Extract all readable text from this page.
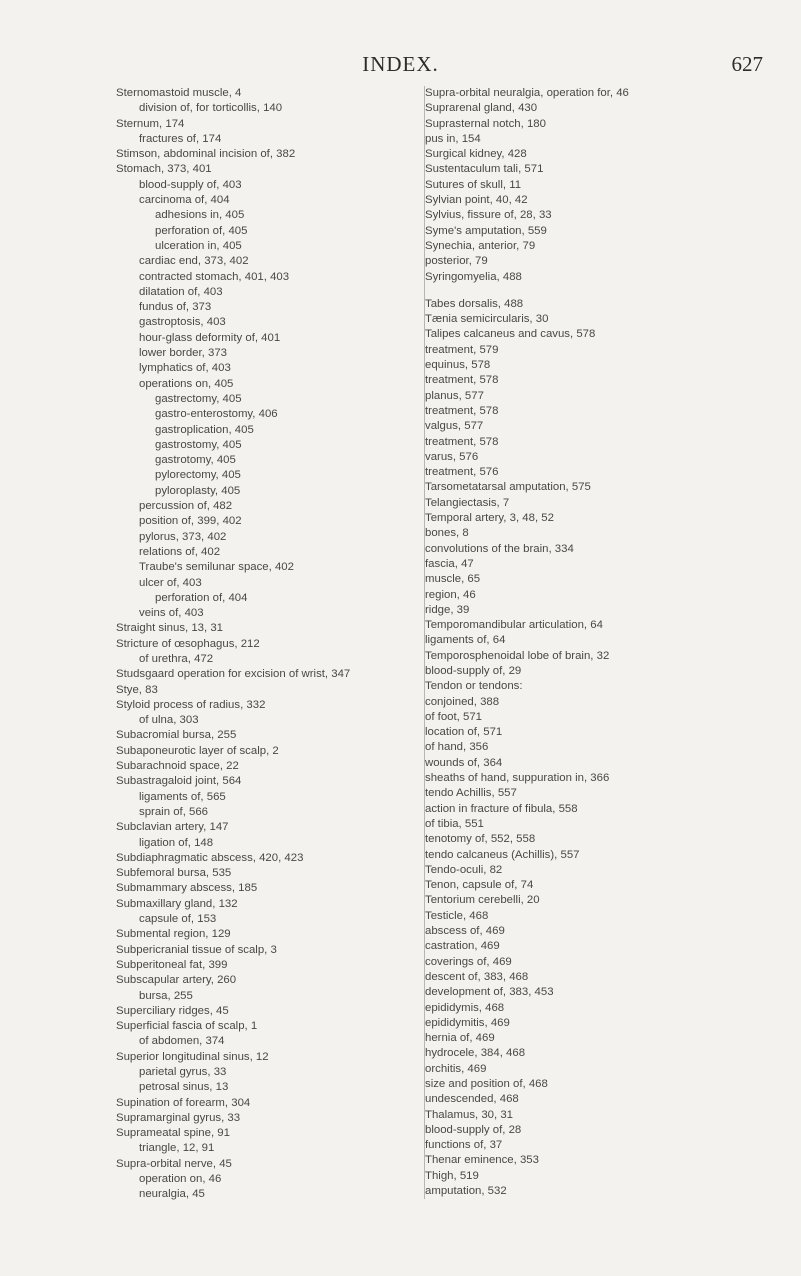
INDEX.	627
Sternomastoid muscle, 4
division of, for torticollis, 140
Sternum, 174
fractures of, 174
Stimson, abdominal incision of, 382
Stomach, 373, 401
blood-supply of, 403
carcinoma of, 404
adhesions in, 405
perforation of, 405
ulceration in, 405
cardiac end, 373, 402
contracted stomach, 401, 403
dilatation of, 403
fundus of, 373
gastroptosis, 403
hour-glass deformity of, 401
lower border, 373
lymphatics of, 403
operations on, 405
gastrectomy, 405
gastro-enterostomy, 406
gastroplication, 405
gastrostomy, 405
gastrotomy, 405
pylorectomy, 405
pyloroplasty, 405
percussion of, 482
position of, 399, 402
pylorus, 373, 402
relations of, 402
Traube's semilunar space, 402
ulcer of, 403
perforation of, 404
veins of, 403
Straight sinus, 13, 31
Stricture of œsophagus, 212
of urethra, 472
Studsgaard operation for excision of wrist, 347
Stye, 83
Styloid process of radius, 332
of ulna, 303
Subacromial bursa, 255
Subaponeurotic layer of scalp, 2
Subarachnoid space, 22
Subastragaloid joint, 564
ligaments of, 565
sprain of, 566
Subclavian artery, 147
ligation of, 148
Subdiaphragmatic abscess, 420, 423
Subfemoral bursa, 535
Submammary abscess, 185
Submaxillary gland, 132
capsule of, 153
Submental region, 129
Subpericranial tissue of scalp, 3
Subperitoneal fat, 399
Subscapular artery, 260
bursa, 255
Superciliary ridges, 45
Superficial fascia of scalp, 1
of abdomen, 374
Superior longitudinal sinus, 12
parietal gyrus, 33
petrosal sinus, 13
Supination of forearm, 304
Supramarginal gyrus, 33
Suprameatal spine, 91
triangle, 12, 91
Supra-orbital nerve, 45
operation on, 46
neuralgia, 45
Supra-orbital neuralgia, operation for, 46
Suprarenal gland, 430
Suprasternal notch, 180
pus in, 154
Surgical kidney, 428
Sustentaculum tali, 571
Sutures of skull, 11
Sylvian point, 40, 42
Sylvius, fissure of, 28, 33
Syme's amputation, 559
Synechia, anterior, 79
posterior, 79
Syringomyelia, 488
Tabes dorsalis, 488
Tænia semicircularis, 30
Talipes calcaneus and cavus, 578
treatment, 579
equinus, 578
treatment, 578
planus, 577
treatment, 578
valgus, 577
treatment, 578
varus, 576
treatment, 576
Tarsometatarsal amputation, 575
Telangiectasis, 7
Temporal artery, 3, 48, 52
bones, 8
convolutions of the brain, 334
fascia, 47
muscle, 65
region, 46
ridge, 39
Temporomandibular articulation, 64
ligaments of, 64
Temporosphenoidal lobe of brain, 32
blood-supply of, 29
Tendon or tendons:
conjoined, 388
of foot, 571
location of, 571
of hand, 356
wounds of, 364
sheaths of hand, suppuration in, 366
tendo Achillis, 557
action in fracture of fibula, 558
of tibia, 551
tenotomy of, 552, 558
tendo calcaneus (Achillis), 557
Tendo-oculi, 82
Tenon, capsule of, 74
Tentorium cerebelli, 20
Testicle, 468
abscess of, 469
castration, 469
coverings of, 469
descent of, 383, 468
development of, 383, 453
epididymis, 468
epididymitis, 469
hernia of, 469
hydrocele, 384, 468
orchitis, 469
size and position of, 468
undescended, 468
Thalamus, 30, 31
blood-supply of, 28
functions of, 37
Thenar eminence, 353
Thigh, 519
amputation, 532
